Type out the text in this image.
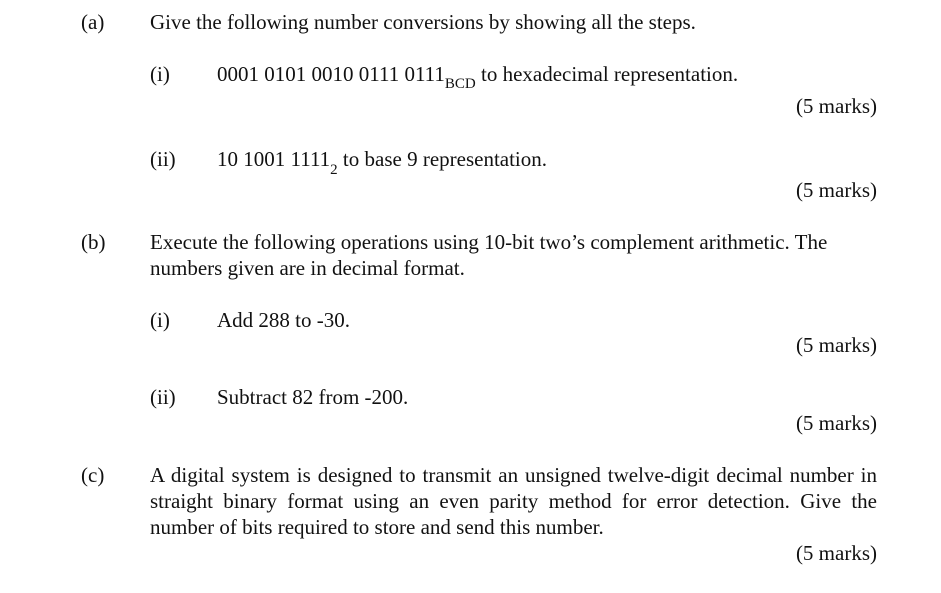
(a) Give the following number conversions by showing all the steps.
(i) 0001 0101 0010 0111 $0111_{BCD}$ to hexadecimal representation.
(5 marks)
(ii) 10 1001 $1111_2$ to base 9 representation.
(5 marks)
(b) Execute the following operations using 10-bit two’s complement arithmetic. The
numbers given are in decimal format.
(i) Add 288 to -30.
(5 marks)
(ii) Subtract 82 from -200.
(5 marks)
(c) A digital system is designed to transmit an unsigned twelve-digit decimal number in straight binary format using an even parity method for error detection. Give the number of bits required to store and send this number.
(5 marks)
